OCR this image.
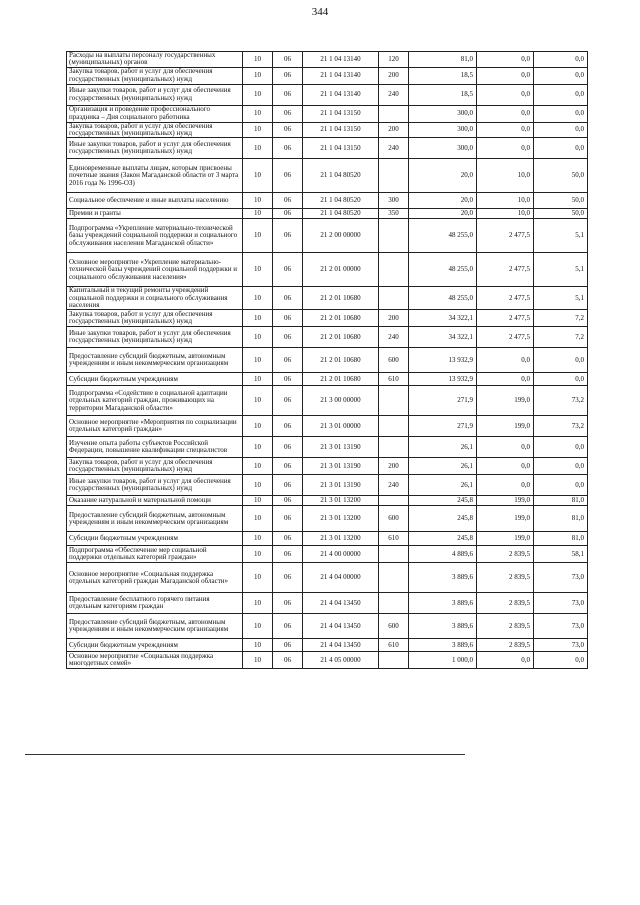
344
Расходы на выплаты персоналу государственных (муниципальных) органов	10	06	21 1 04 13140	120	81,0	0,0	0,0
Закупка товаров, работ и услуг для обеспечения государственных (муниципальных) нужд	10	06	21 1 04 13140	200	18,5	0,0	0,0
Иные закупки товаров, работ и услуг для обеспечения государственных (муниципальных) нужд	10	06	21 1 04 13140	240	18,5	0,0	0,0
Организация и проведение профессионального праздника – Дня социального работника	10	06	21 1 04 13150		300,0	0,0	0,0
Закупка товаров, работ и услуг для обеспечения государственных (муниципальных) нужд	10	06	21 1 04 13150	200	300,0	0,0	0,0
Иные закупки товаров, работ и услуг для обеспечения государственных (муниципальных) нужд	10	06	21 1 04 13150	240	300,0	0,0	0,0
Единовременные выплаты лицам, которым присвоены почетные звания (Закон Магаданской области от 3 марта 2016 года № 1996-ОЗ)	10	06	21 1 04 80520		20,0	10,0	50,0
Социальное обеспечение и иные выплаты населению	10	06	21 1 04 80520	300	20,0	10,0	50,0
Премии и гранты	10	06	21 1 04 80520	350	20,0	10,0	50,0
Подпрограмма «Укрепление материально-технической базы учреждений социальной поддержки и социального обслуживания населения Магаданской области»	10	06	21 2 00 00000		48 255,0	2 477,5	5,1
Основное мероприятие «Укрепление материально-технической базы учреждений социальной поддержки и социального обслуживания населения»	10	06	21 2 01 00000		48 255,0	2 477,5	5,1
Капитальный и текущий ремонты учреждений социальной поддержки и социального обслуживания населения	10	06	21 2 01 10680		48 255,0	2 477,5	5,1
Закупка товаров, работ и услуг для обеспечения государственных (муниципальных) нужд	10	06	21 2 01 10680	200	34 322,1	2 477,5	7,2
Иные закупки товаров, работ и услуг для обеспечения государственных (муниципальных) нужд	10	06	21 2 01 10680	240	34 322,1	2 477,5	7,2
Предоставление субсидий бюджетным, автономным учреждениям и иным некоммерческим организациям	10	06	21 2 01 10680	600	13 932,9	0,0	0,0
Субсидии бюджетным учреждениям	10	06	21 2 01 10680	610	13 932,9	0,0	0,0
Подпрограмма «Содействие в социальной адаптации отдельных категорий граждан, проживающих на территории Магаданской области»	10	06	21 3 00 00000		271,9	199,0	73,2
Основное мероприятие «Мероприятия по социализации отдельных категорий граждан»	10	06	21 3 01 00000		271,9	199,0	73,2
Изучение опыта работы субъектов Российской Федерации, повышение квалификации специалистов	10	06	21 3 01 13190		26,1	0,0	0,0
Закупка товаров, работ и услуг для обеспечения государственных (муниципальных) нужд	10	06	21 3 01 13190	200	26,1	0,0	0,0
Иные закупки товаров, работ и услуг для обеспечения государственных (муниципальных) нужд	10	06	21 3 01 13190	240	26,1	0,0	0,0
Оказание натуральной и материальной помощи	10	06	21 3 01 13200		245,8	199,0	81,0
Предоставление субсидий бюджетным, автономным учреждениям и иным некоммерческим организациям	10	06	21 3 01 13200	600	245,8	199,0	81,0
Субсидии бюджетным учреждениям	10	06	21 3 01 13200	610	245,8	199,0	81,0
Подпрограмма «Обеспечение мер социальной поддержки отдельных категорий граждан»	10	06	21 4 00 00000		4 889,6	2 839,5	58,1
Основное мероприятие «Социальная поддержка отдельных категорий граждан Магаданской области»	10	06	21 4 04 00000		3 889,6	2 839,5	73,0
Предоставление бесплатного горячего питания отдельным категориям граждан	10	06	21 4 04 13450		3 889,6	2 839,5	73,0
Предоставление субсидий бюджетным, автономным учреждениям и иным некоммерческим организациям	10	06	21 4 04 13450	600	3 889,6	2 839,5	73,0
Субсидии бюджетным учреждениям	10	06	21 4 04 13450	610	3 889,6	2 839,5	73,0
Основное мероприятие «Социальная поддержка многодетных семей»	10	06	21 4 05 00000		1 000,0	0,0	0,0
